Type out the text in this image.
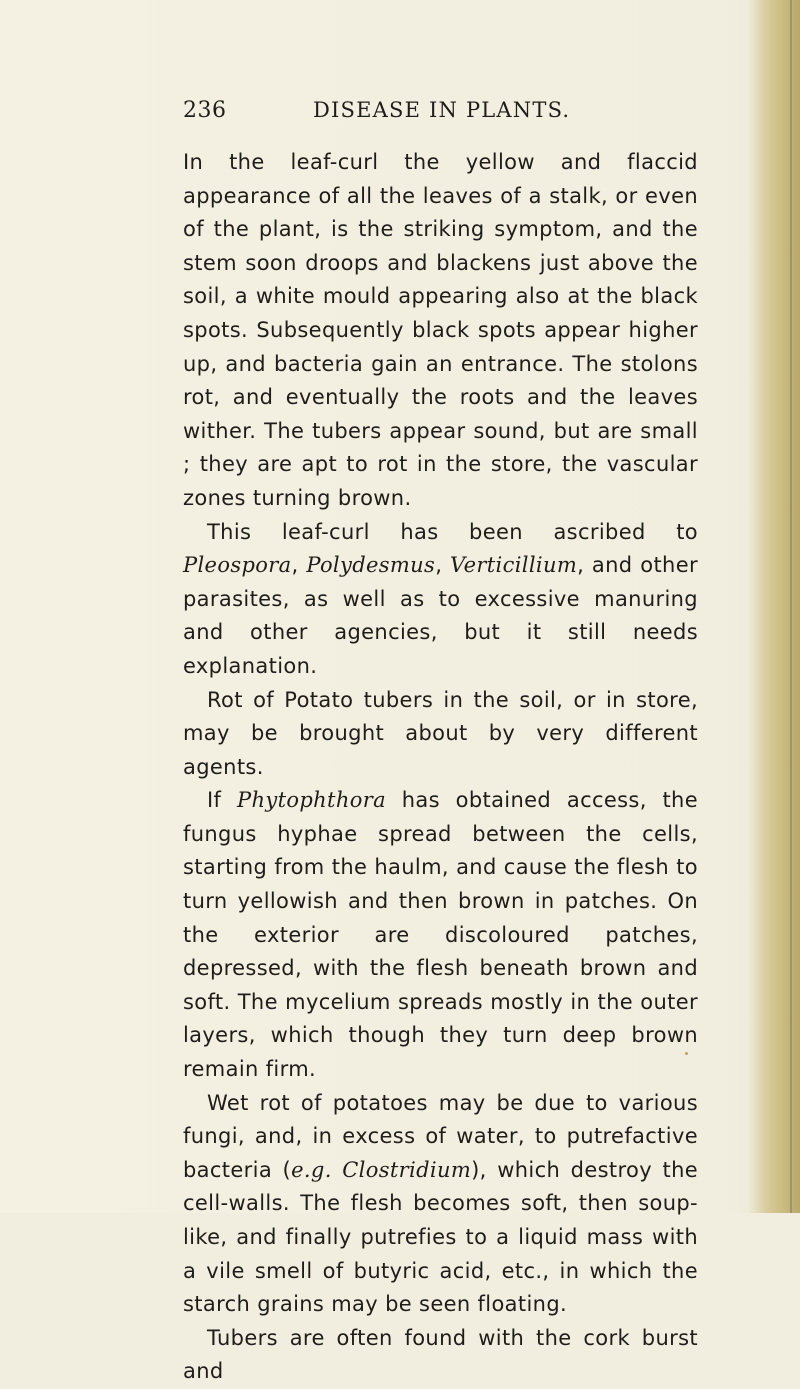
236	DISEASE IN PLANTS.

In the leaf-curl the yellow and flaccid appearance of all the leaves of a stalk, or even of the plant, is the striking symptom, and the stem soon droops and blackens just above the soil, a white mould appearing also at the black spots. Subsequently black spots appear higher up, and bacteria gain an entrance. The stolons rot, and eventually the roots and the leaves wither. The tubers appear sound, but are small ; they are apt to rot in the store, the vascular zones turning brown.

This leaf-curl has been ascribed to Pleospora, Polydesmus, Verticillium, and other parasites, as well as to excessive manuring and other agencies, but it still needs explanation.

Rot of Potato tubers in the soil, or in store, may be brought about by very different agents.

If Phytophthora has obtained access, the fungus hyphae spread between the cells, starting from the haulm, and cause the flesh to turn yellowish and then brown in patches. On the exterior are discoloured patches, depressed, with the flesh beneath brown and soft. The mycelium spreads mostly in the outer layers, which though they turn deep brown remain firm.

Wet rot of potatoes may be due to various fungi, and, in excess of water, to putrefactive bacteria (e.g. Clostridium), which destroy the cell-walls. The flesh becomes soft, then soup-like, and finally putrefies to a liquid mass with a vile smell of butyric acid, etc., in which the starch grains may be seen floating.

Tubers are often found with the cork burst and
